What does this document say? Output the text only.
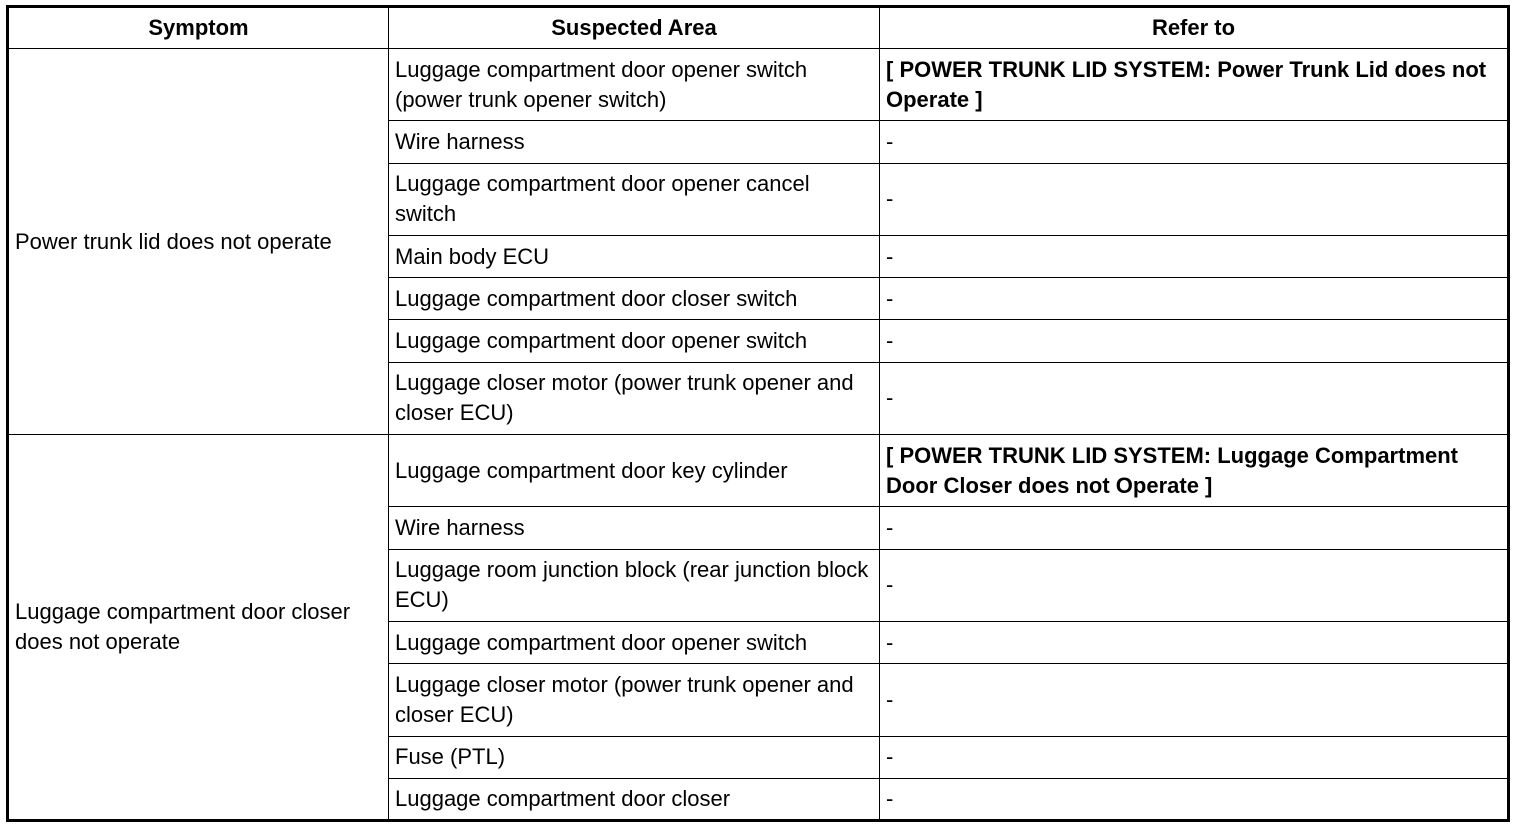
Symptom	Suspected Area	Refer to
Power trunk lid does not operate	Luggage compartment door opener switch (power trunk opener switch)	[ POWER TRUNK LID SYSTEM: Power Trunk Lid does not Operate ]
	Wire harness	-
	Luggage compartment door opener cancel switch	-
	Main body ECU	-
	Luggage compartment door closer switch	-
	Luggage compartment door opener switch	-
	Luggage closer motor (power trunk opener and closer ECU)	-
Luggage compartment door closer does not operate	Luggage compartment door key cylinder	[ POWER TRUNK LID SYSTEM: Luggage Compartment Door Closer does not Operate ]
	Wire harness	-
	Luggage room junction block (rear junction block ECU)	-
	Luggage compartment door opener switch	-
	Luggage closer motor (power trunk opener and closer ECU)	-
	Fuse (PTL)	-
	Luggage compartment door closer	-
